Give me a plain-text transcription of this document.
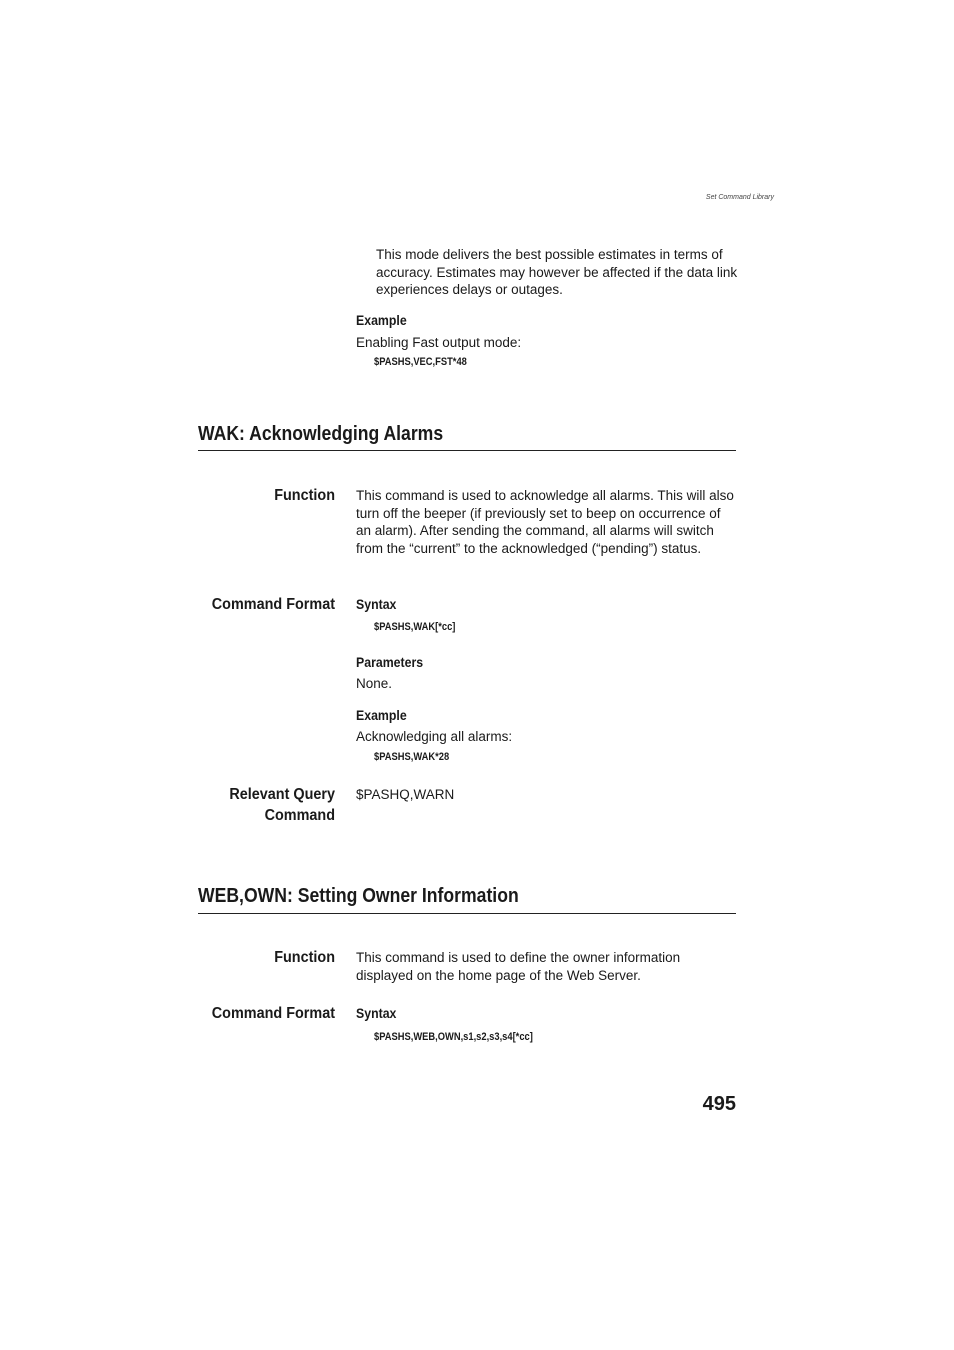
Set Command Library
This mode delivers the best possible estimates in terms of accuracy. Estimates may however be affected if the data link experiences delays or outages.
Example
Enabling Fast output mode:
$PASHS,VEC,FST*48
WAK: Acknowledging Alarms
Function This command is used to acknowledge all alarms. This will also turn off the beeper (if previously set to beep on occurrence of an alarm). After sending the command, all alarms will switch from the “current” to the acknowledged (“pending”) status.
Command Format Syntax
$PASHS,WAK[*cc]
Parameters
None.
Example
Acknowledging all alarms:
$PASHS,WAK*28
Relevant Query
Command
$PASHQ,WARN
WEB,OWN: Setting Owner Information
Function This command is used to define the owner information displayed on the home page of the Web Server.
Command Format Syntax
$PASHS,WEB,OWN,s1,s2,s3,s4[*cc]
495
